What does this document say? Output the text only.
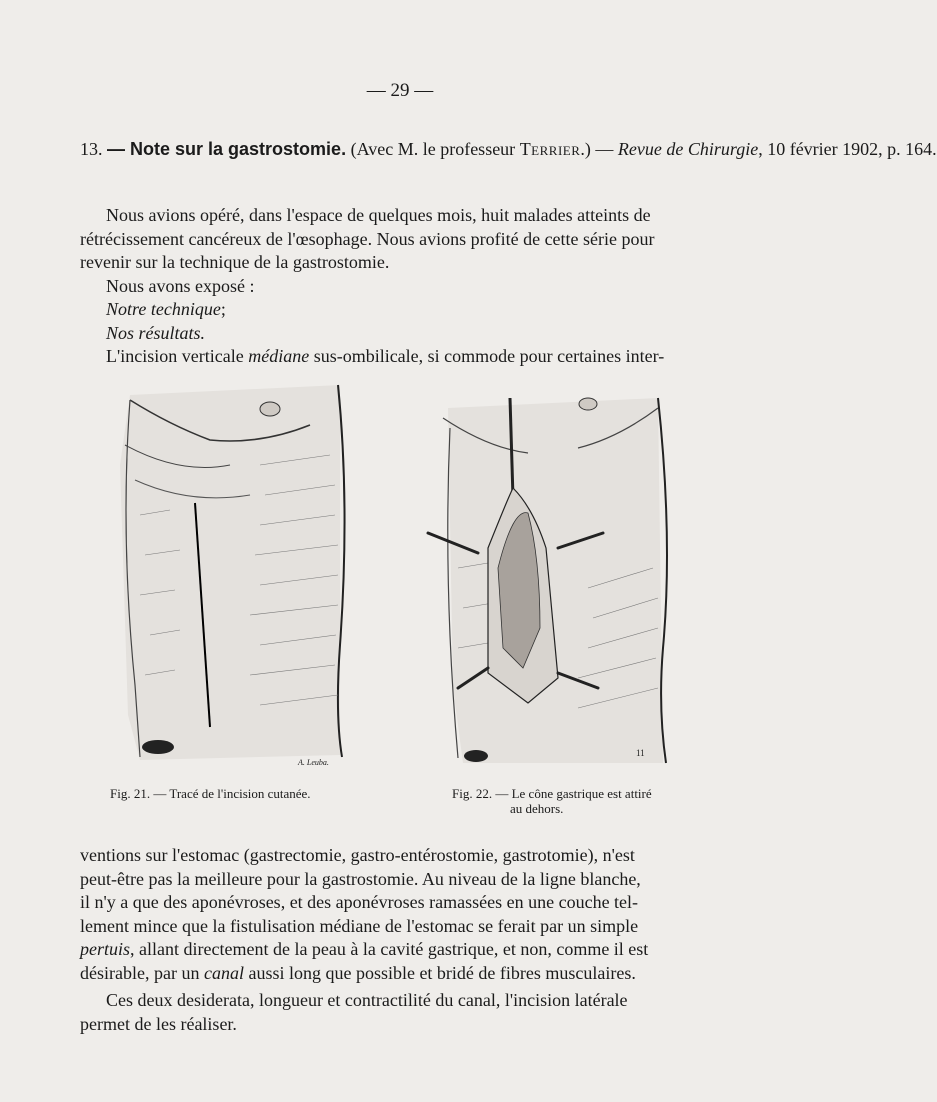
— 29 —
13. — Note sur la gastrostomie. (Avec M. le professeur Terrier.) — Revue de Chirurgie, 10 février 1902, p. 164.

Nous avions opéré, dans l'espace de quelques mois, huit malades atteints de

rétrécissement cancéreux de l'œsophage. Nous avions profité de cette série pour

revenir sur la technique de la gastrostomie.

Nous avons exposé :

Notre technique;

Nos résultats.

L'incision verticale médiane sus-ombilicale, si commode pour certaines inter-

A. Leuba.
11
Fig. 21. — Tracé de l'incision cutanée.	Fig. 22. — Le cône gastrique est attiré
au dehors.

ventions sur l'estomac (gastrectomie, gastro-entérostomie, gastrotomie), n'est

peut-être pas la meilleure pour la gastrostomie. Au niveau de la ligne blanche,

il n'y a que des aponévroses, et des aponévroses ramassées en une couche tel-

lement mince que la fistulisation médiane de l'estomac se ferait par un simple

pertuis, allant directement de la peau à la cavité gastrique, et non, comme il est

désirable, par un canal aussi long que possible et bridé de fibres musculaires.

Ces deux desiderata, longueur et contractilité du canal, l'incision latérale

permet de les réaliser.
